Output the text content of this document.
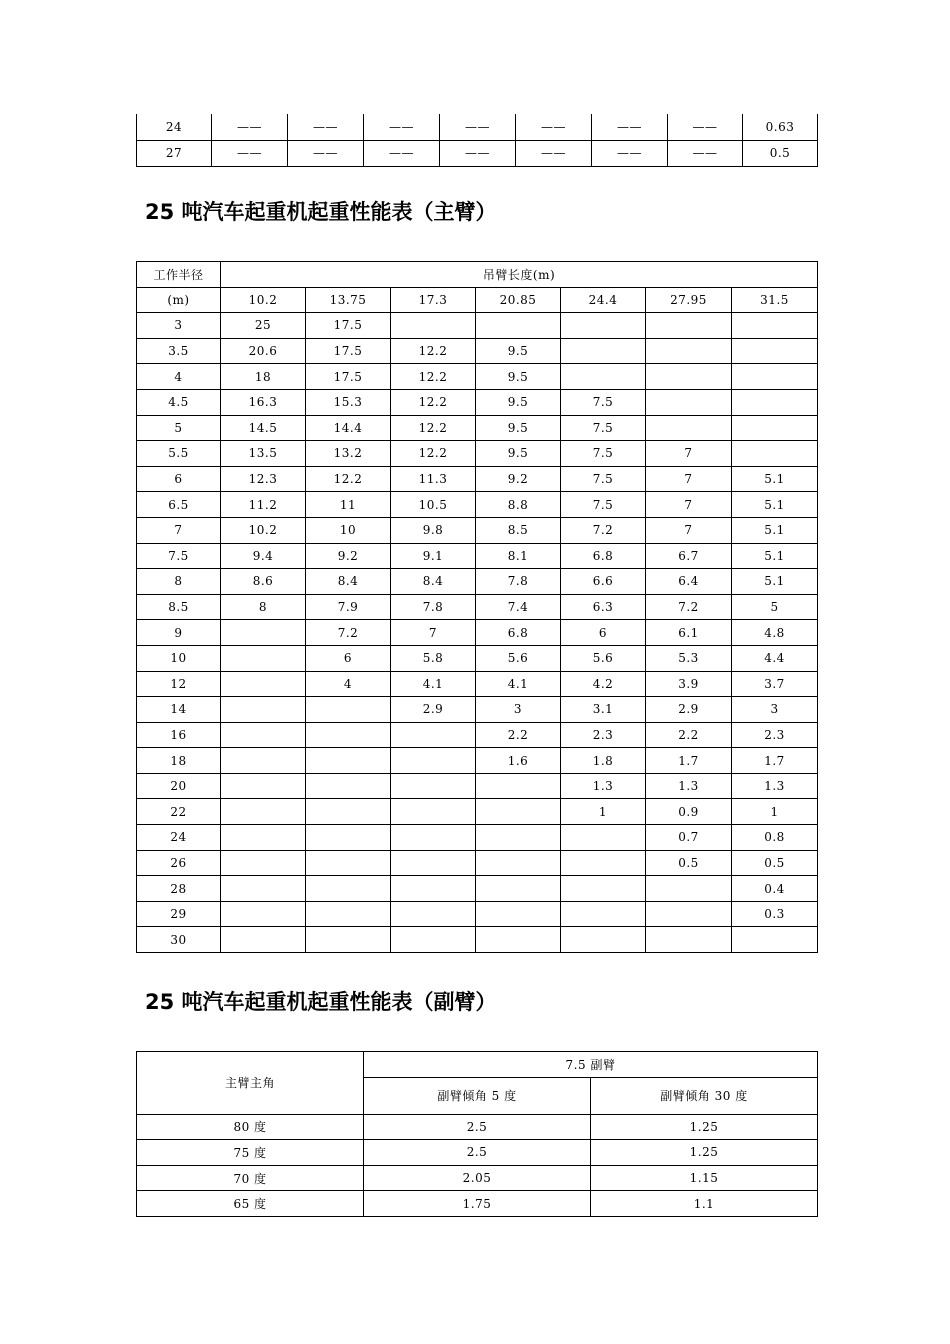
24	——	——	——	——	——	——	——	0.63
27	——	——	——	——	——	——	——	0.5
25 吨汽车起重机起重性能表（主臂）
工作半径	吊臂长度(m)						
(m)	10.2	13.75	17.3	20.85	24.4	27.95	31.5
3	25	17.5					
3.5	20.6	17.5	12.2	9.5			
4	18	17.5	12.2	9.5			
4.5	16.3	15.3	12.2	9.5	7.5		
5	14.5	14.4	12.2	9.5	7.5		
5.5	13.5	13.2	12.2	9.5	7.5	7	
6	12.3	12.2	11.3	9.2	7.5	7	5.1
6.5	11.2	11	10.5	8.8	7.5	7	5.1
7	10.2	10	9.8	8.5	7.2	7	5.1
7.5	9.4	9.2	9.1	8.1	6.8	6.7	5.1
8	8.6	8.4	8.4	7.8	6.6	6.4	5.1
8.5	8	7.9	7.8	7.4	6.3	7.2	5
9		7.2	7	6.8	6	6.1	4.8
10		6	5.8	5.6	5.6	5.3	4.4
12		4	4.1	4.1	4.2	3.9	3.7
14			2.9	3	3.1	2.9	3
16				2.2	2.3	2.2	2.3
18				1.6	1.8	1.7	1.7
20					1.3	1.3	1.3
22					1	0.9	1
24						0.7	0.8
26						0.5	0.5
28							0.4
29							0.3
30							
25 吨汽车起重机起重性能表（副臂）
主臂主角	7.5 副臂	
	副臂倾角 5 度	副臂倾角 30 度
80 度	2.5	1.25
75 度	2.5	1.25
70 度	2.05	1.15
65 度	1.75	1.1
